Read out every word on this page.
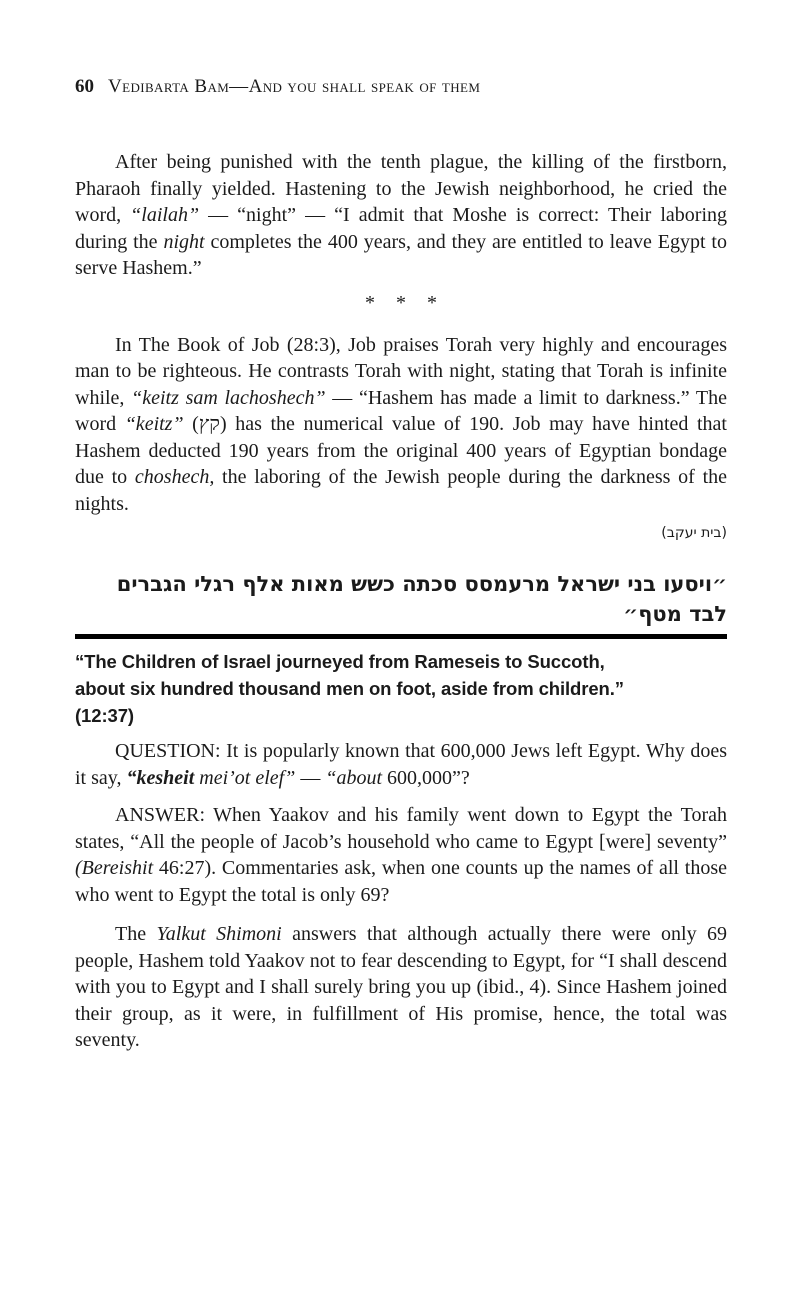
60 Vedibarta Bam—And you shall speak of them

After being punished with the tenth plague, the killing of the firstborn, Pharaoh finally yielded. Hastening to the Jewish neighborhood, he cried the word, “lailah” — “night” — “I admit that Moshe is correct: Their laboring during the night completes the 400 years, and they are entitled to leave Egypt to serve Hashem.”

* * *

In The Book of Job (28:3), Job praises Torah very highly and encourages man to be righteous. He contrasts Torah with night, stating that Torah is infinite while, “keitz sam lachoshech” — “Hashem has made a limit to darkness.” The word “keitz” (קץ) has the numerical value of 190. Job may have hinted that Hashem deducted 190 years from the original 400 years of Egyptian bondage due to choshech, the laboring of the Jewish people during the darkness of the nights.

(בית יעקב)
״ויסעו בני ישראל מרעמסס סכתה כשש מאות אלף רגלי הגברים
לבד מטף״
“The Children of Israel journeyed from Rameseis to Succoth,
about six hundred thousand men on foot, aside from children.”
(12:37)

QUESTION: It is popularly known that 600,000 Jews left Egypt. Why does it say, “kesheit mei’ot elef” — “about 600,000”?

ANSWER: When Yaakov and his family went down to Egypt the Torah states, “All the people of Jacob’s household who came to Egypt [were] seventy” (Bereishit 46:27). Commentaries ask, when one counts up the names of all those who went to Egypt the total is only 69?

The Yalkut Shimoni answers that although actually there were only 69 people, Hashem told Yaakov not to fear descending to Egypt, for “I shall descend with you to Egypt and I shall surely bring you up (ibid., 4). Since Hashem joined their group, as it were, in fulfillment of His promise, hence, the total was seventy.
